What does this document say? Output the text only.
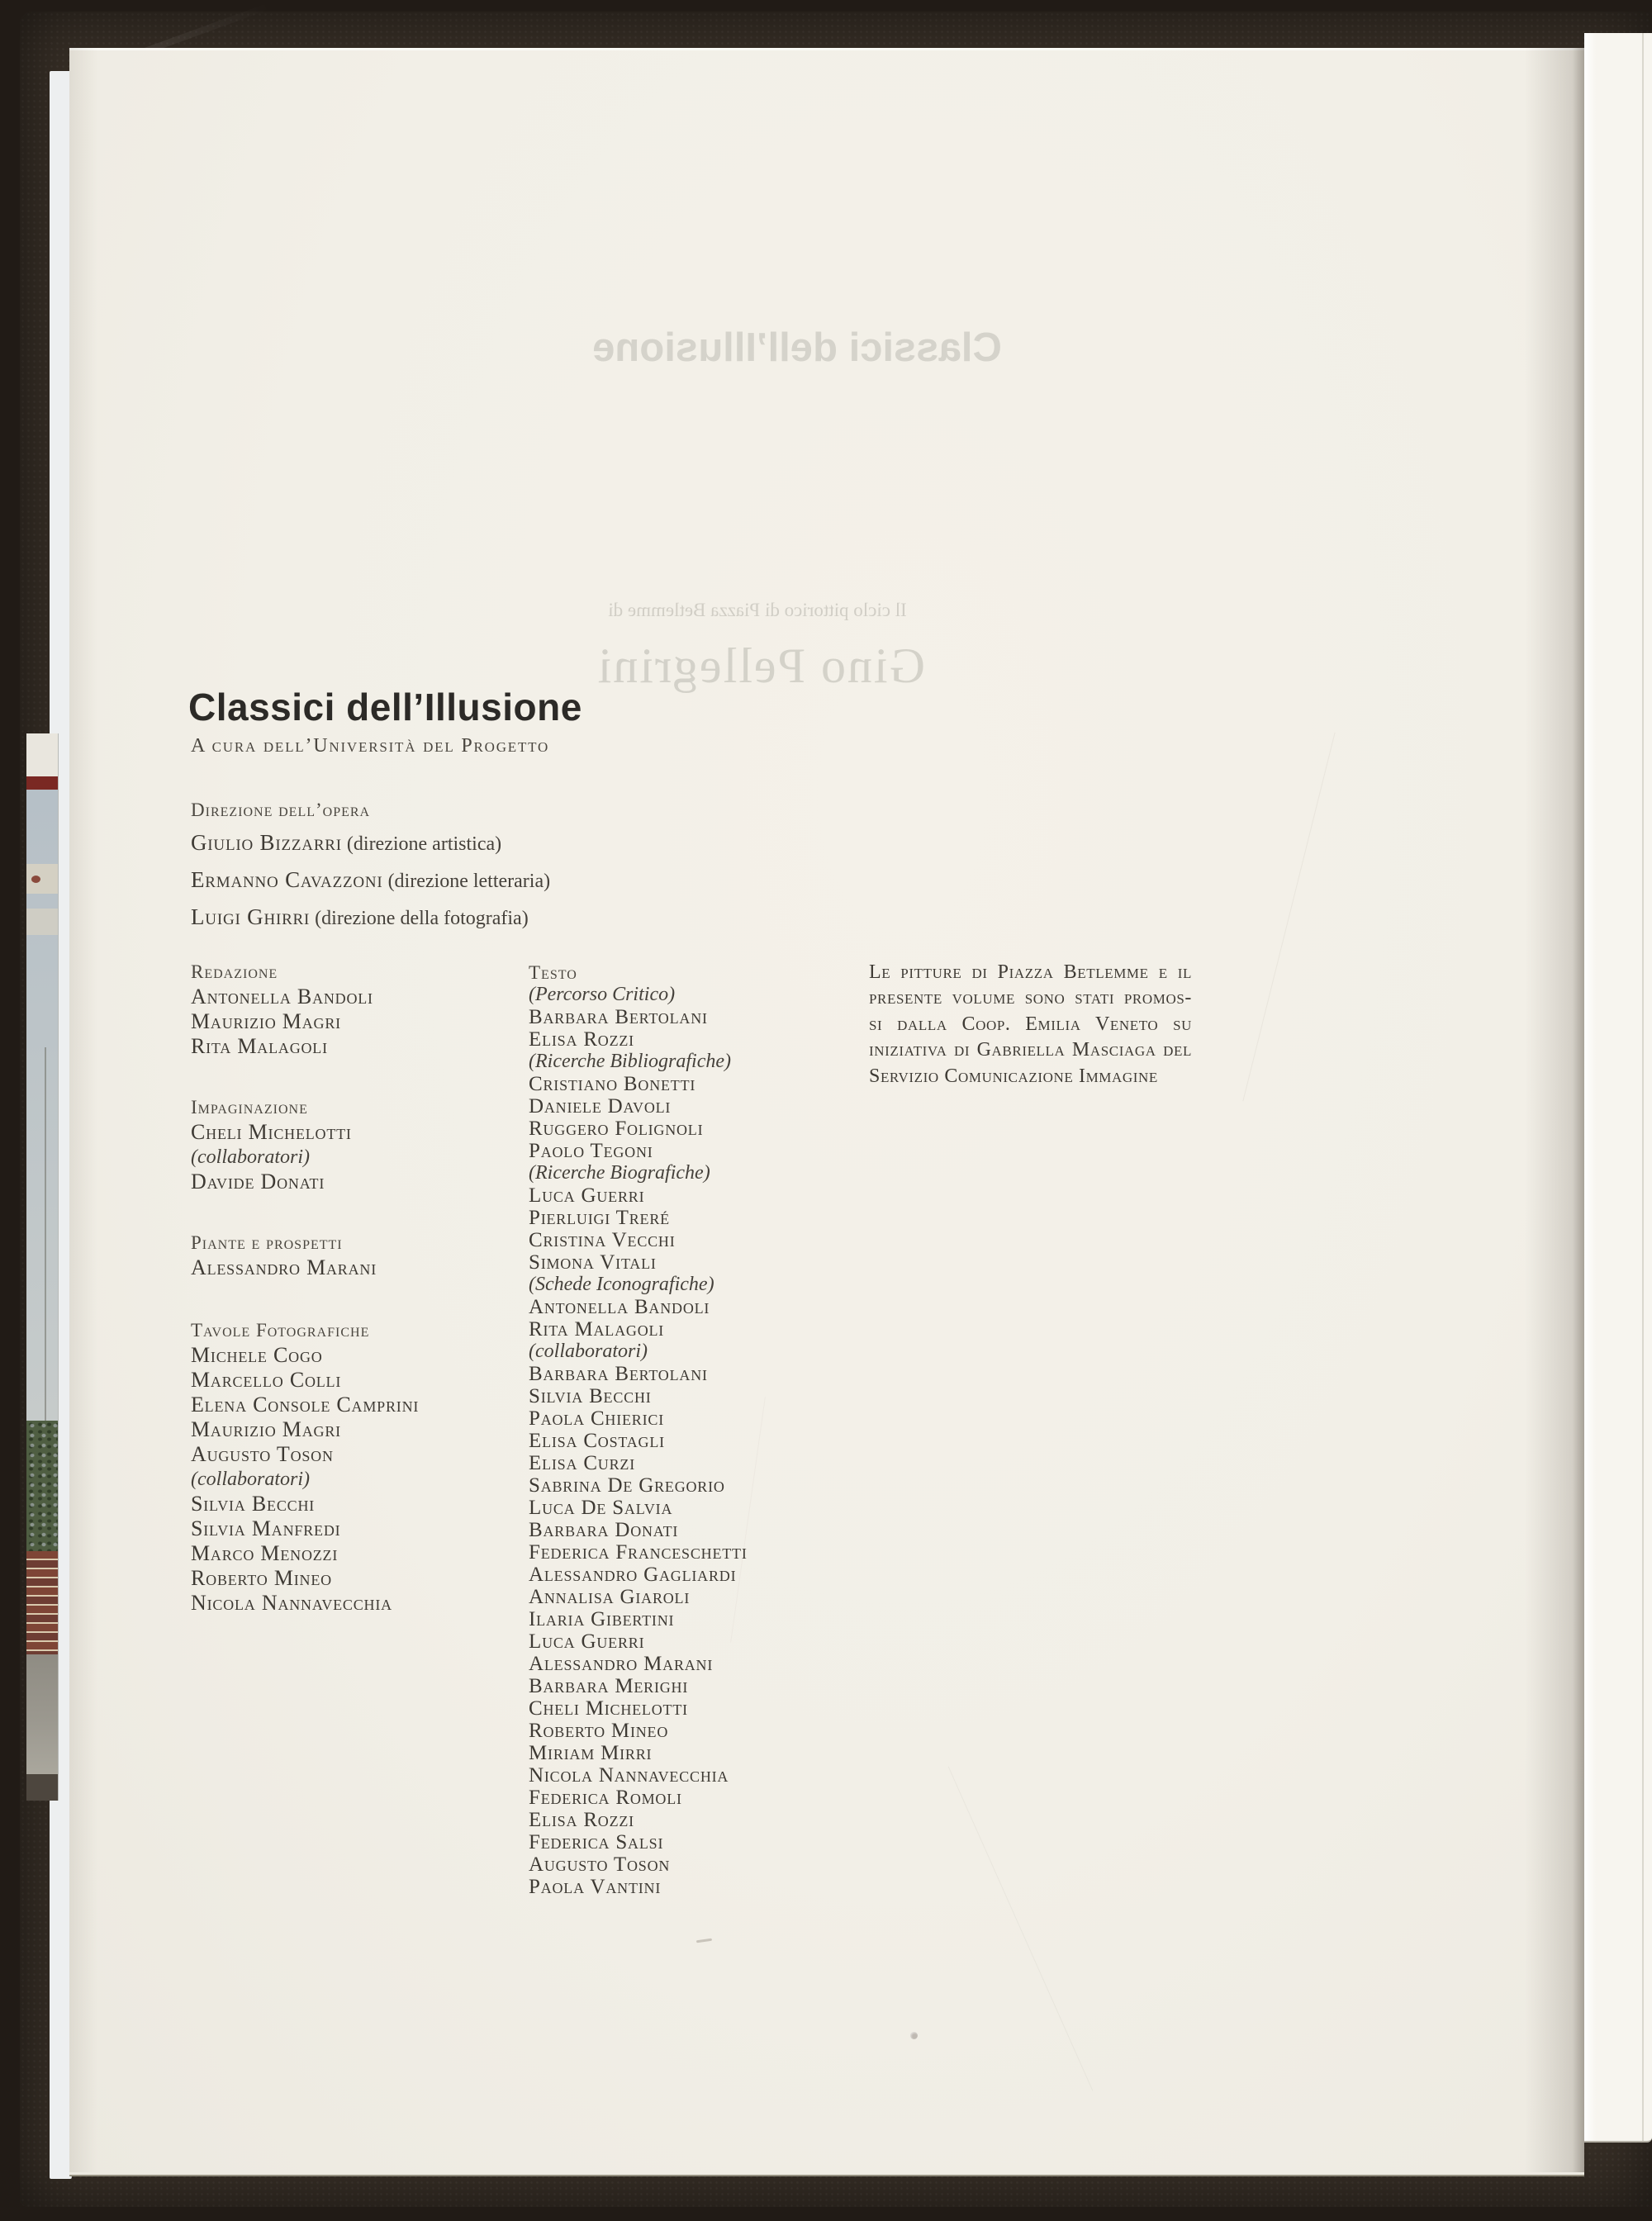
Classici dell’Illusione
Il ciclo pittorico di Piazza Betlemme di
Gino Pellegrini
Classici dell’Illusione
A cura dell’Università del Progetto
Direzione dell’opera
Giulio Bizzarri (direzione artistica)
Ermanno Cavazzoni (direzione letteraria)
Luigi Ghirri (direzione della fotografia)
Redazione
Antonella Bandoli
Maurizio Magri
Rita Malagoli
Impaginazione
Cheli Michelotti
(collaboratori)
Davide Donati
Piante e prospetti
Alessandro Marani
Tavole Fotografiche
Michele Cogo
Marcello Colli
Elena Console Camprini
Maurizio Magri
Augusto Toson
(collaboratori)
Silvia Becchi
Silvia Manfredi
Marco Menozzi
Roberto Mineo
Nicola Nannavecchia
Testo
(Percorso Critico)
Barbara Bertolani
Elisa Rozzi
(Ricerche Bibliografiche)
Cristiano Bonetti
Daniele Davoli
Ruggero Folignoli
Paolo Tegoni
(Ricerche Biografiche)
Luca Guerri
Pierluigi Treré
Cristina Vecchi
Simona Vitali
(Schede Iconografiche)
Antonella Bandoli
Rita Malagoli
(collaboratori)
Barbara Bertolani
Silvia Becchi
Paola Chierici
Elisa Costagli
Elisa Curzi
Sabrina De Gregorio
Luca De Salvia
Barbara Donati
Federica Franceschetti
Alessandro Gagliardi
Annalisa Giaroli
Ilaria Gibertini
Luca Guerri
Alessandro Marani
Barbara Merighi
Cheli Michelotti
Roberto Mineo
Miriam Mirri
Nicola Nannavecchia
Federica Romoli
Elisa Rozzi
Federica Salsi
Augusto Toson
Paola Vantini
Le pitture di Piazza Betlemme e il
presente volume sono stati promos-
si dalla Coop. Emilia Veneto su
iniziativa di Gabriella Masciaga del
Servizio Comunicazione Immagine
